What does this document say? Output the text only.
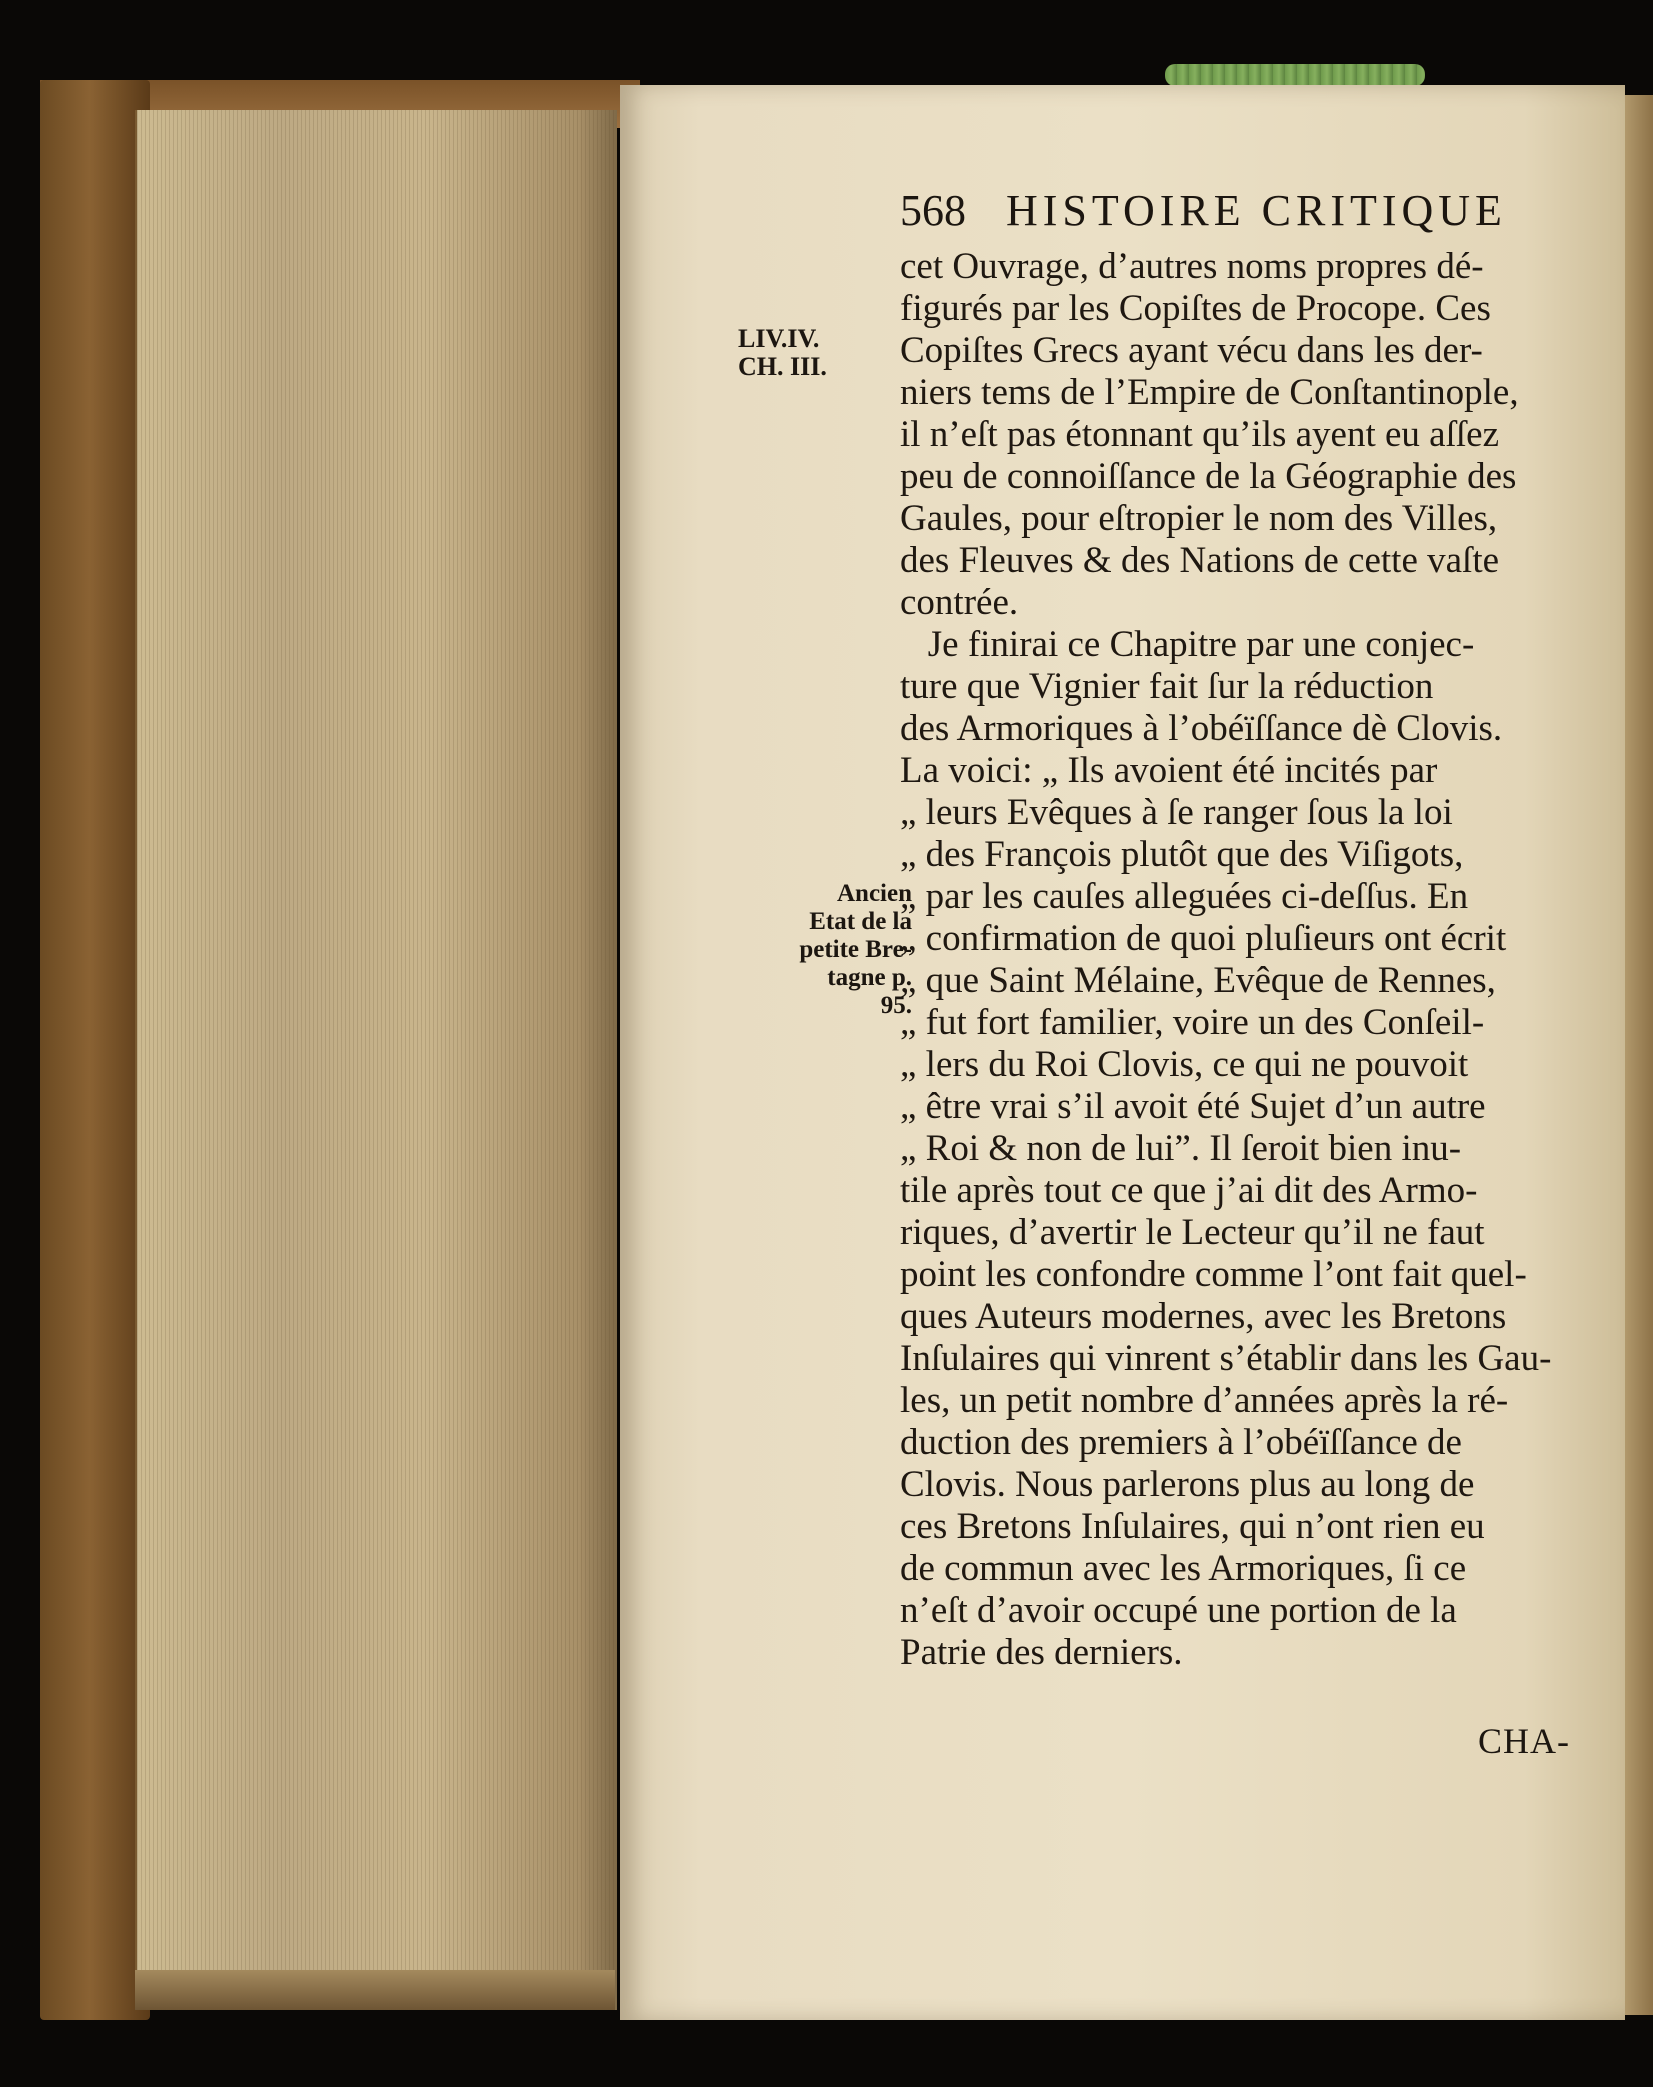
568 HISTOIRE CRITIQUE
LIV.IV.
CH. III.
Ancien
Etat de la
petite Bre-
tagne p.
95.
cet Ouvrage, d’autres noms propres dé-
figurés par les Copiſtes de Procope. Ces
Copiſtes Grecs ayant vécu dans les der-
niers tems de l’Empire de Conſtantinople,
il n’eſt pas étonnant qu’ils ayent eu aſſez
peu de connoiſſance de la Géographie des
Gaules, pour eſtropier le nom des Villes,
des Fleuves & des Nations de cette vaſte
contrée.
Je finirai ce Chapitre par une conjec-
ture que Vignier fait ſur la réduction
des Armoriques à l’obéïſſance dè Clovis.
La voici: „ Ils avoient été incités par
„ leurs Evêques à ſe ranger ſous la loi
„ des François plutôt que des Viſigots,
„ par les cauſes alleguées ci-deſſus. En
„ confirmation de quoi pluſieurs ont écrit
„ que Saint Mélaine, Evêque de Rennes,
„ fut fort familier, voire un des Conſeil-
„ lers du Roi Clovis, ce qui ne pouvoit
„ être vrai s’il avoit été Sujet d’un autre
„ Roi & non de lui”. Il ſeroit bien inu-
tile après tout ce que j’ai dit des Armo-
riques, d’avertir le Lecteur qu’il ne faut
point les confondre comme l’ont fait quel-
ques Auteurs modernes, avec les Bretons
Inſulaires qui vinrent s’établir dans les Gau-
les, un petit nombre d’années après la ré-
duction des premiers à l’obéïſſance de
Clovis. Nous parlerons plus au long de
ces Bretons Inſulaires, qui n’ont rien eu
de commun avec les Armoriques, ſi ce
n’eſt d’avoir occupé une portion de la
Patrie des derniers.
CHA-
